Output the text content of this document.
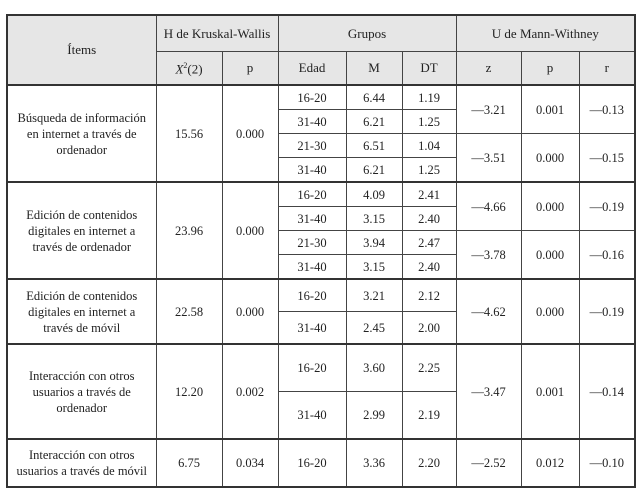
Ítems	H de Kruskal-Wallis		Grupos			U de Mann-Withney		
	$X^2(2)$	p	Edad	M	DT	z	p	r
Búsqueda de información en internet a través de ordenador	15.56	0.000	16-20	6.44	1.19	—3.21	0.001	—0.13
			31-40	6.21	1.25			
			21-30	6.51	1.04	—3.51	0.000	—0.15
			31-40	6.21	1.25			
Edición de contenidos digitales en internet a través de ordenador	23.96	0.000	16-20	4.09	2.41	—4.66	0.000	—0.19
			31-40	3.15	2.40			
			21-30	3.94	2.47	—3.78	0.000	—0.16
			31-40	3.15	2.40			
Edición de contenidos digitales en internet a través de móvil	22.58	0.000	16-20	3.21	2.12	—4.62	0.000	—0.19
			31-40	2.45	2.00			
Interacción con otros usuarios a través de ordenador	12.20	0.002	16-20	3.60	2.25	—3.47	0.001	—0.14
			31-40	2.99	2.19			
Interacción con otros usuarios a través de móvil	6.75	0.034	16-20	3.36	2.20	—2.52	0.012	—0.10
